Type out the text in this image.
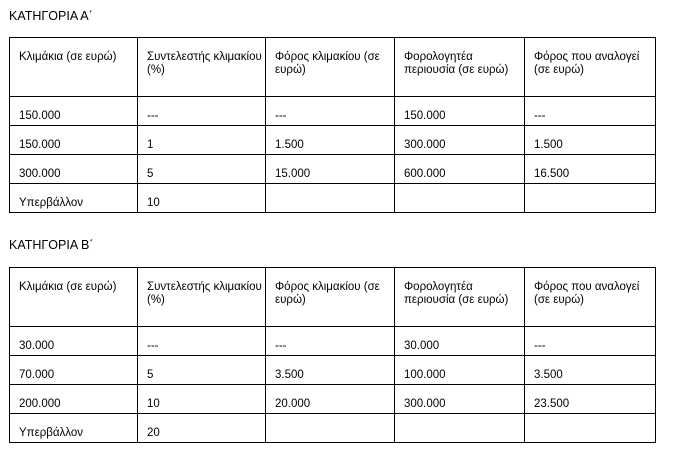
ΚΑΤΗΓΟΡΙΑ Α΄
Κλιμάκια (σε ευρώ)	Συντελεστής κλιμακίου (%)	Φόρος κλιμακίου (σε ευρώ)	Φορολογητέα περιουσία (σε ευρώ)	Φόρος που αναλογεί (σε ευρώ)
150.000	---	---	150.000	---
150.000	1	1.500	300.000	1.500
300.000	5	15.000	600.000	16.500
Υπερβάλλον	10			
ΚΑΤΗΓΟΡΙΑ Β΄
Κλιμάκια (σε ευρώ)	Συντελεστής κλιμακίου (%)	Φόρος κλιμακίου (σε ευρώ)	Φορολογητέα περιουσία (σε ευρώ)	Φόρος που αναλογεί (σε ευρώ)
30.000	---	---	30.000	---
70.000	5	3.500	100.000	3.500
200.000	10	20.000	300.000	23.500
Υπερβάλλον	20			
